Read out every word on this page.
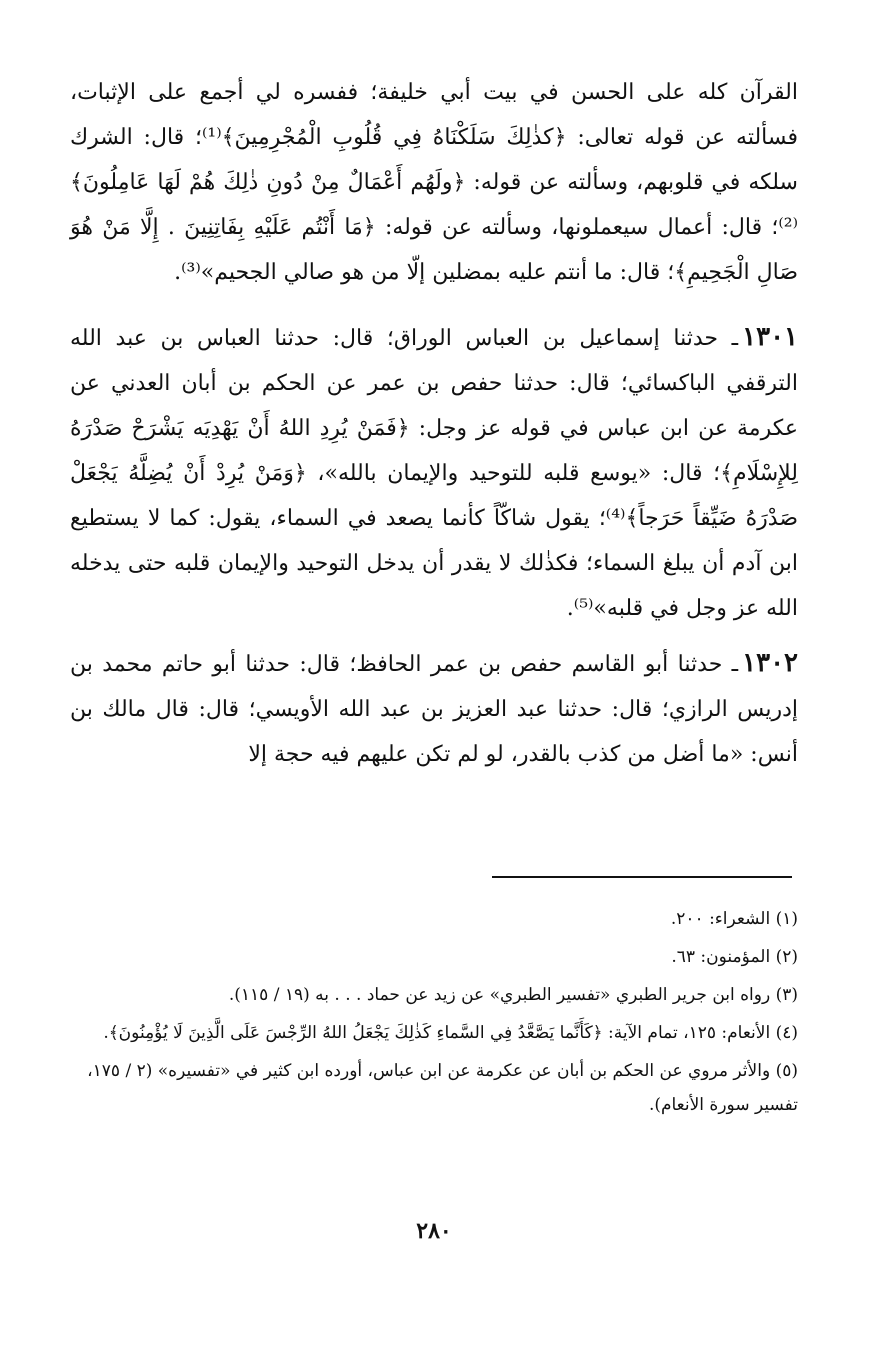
القرآن كله على الحسن في بيت أبي خليفة؛ ففسره لي أجمع على الإثبات، فسألته عن قوله تعالى: ﴿كذٰلِكَ سَلَكْنَاهُ فِي قُلُوبِ الْمُجْرِمِينَ﴾⁽¹⁾؛ قال: الشرك سلكه في قلوبهم، وسألته عن قوله: ﴿ولَهُم أَعْمَالٌ مِنْ دُونِ ذٰلِكَ هُمْ لَهَا عَامِلُونَ﴾⁽²⁾؛ قال: أعمال سيعملونها، وسألته عن قوله: ﴿مَا أَنْتُم عَلَيْهِ بِفَاتِنِينَ . إِلَّا مَنْ هُوَ صَالِ الْجَحِيمِ﴾؛ قال: ما أنتم عليه بمضلين إلّا من هو صالي الجحيم»⁽³⁾.

١٣٠١ـ حدثنا إسماعيل بن العباس الوراق؛ قال: حدثنا العباس بن عبد الله الترقفي الباكسائي؛ قال: حدثنا حفص بن عمر عن الحكم بن أبان العدني عن عكرمة عن ابن عباس في قوله عز وجل: ﴿فَمَنْ يُرِدِ اللهُ أَنْ يَهْدِيَه يَشْرَحْ صَدْرَهُ لِلإِسْلَامِ﴾؛ قال: «يوسع قلبه للتوحيد والإيمان بالله»، ﴿وَمَنْ يُرِدْ أَنْ يُضِلَّهُ يَجْعَلْ صَدْرَهُ ضَيِّقاً حَرَجاً﴾⁽⁴⁾؛ يقول شاكّاً كأنما يصعد في السماء، يقول: كما لا يستطيع ابن آدم أن يبلغ السماء؛ فكذٰلك لا يقدر أن يدخل التوحيد والإيمان قلبه حتى يدخله الله عز وجل في قلبه»⁽⁵⁾.

١٣٠٢ـ حدثنا أبو القاسم حفص بن عمر الحافظ؛ قال: حدثنا أبو حاتم محمد بن إدريس الرازي؛ قال: حدثنا عبد العزيز بن عبد الله الأويسي؛ قال: قال مالك بن أنس: «ما أضل من كذب بالقدر، لو لم تكن عليهم فيه حجة إلا

(١) الشعراء: ٢٠٠.

(٢) المؤمنون: ٦٣.

(٣) رواه ابن جرير الطبري «تفسير الطبري» عن زيد عن حماد . . . به (١٩ / ١١٥).

(٤) الأنعام: ١٢٥، تمام الآية: ﴿كَأَنَّما يَصَّعَّدُ فِي السَّماءِ كَذٰلِكَ يَجْعَلُ اللهُ الرِّجْسَ عَلَى الَّذِينَ لَا يُؤْمِنُونَ﴾.

(٥) والأثر مروي عن الحكم بن أبان عن عكرمة عن ابن عباس، أورده ابن كثير في «تفسيره» (٢ / ١٧٥، تفسير سورة الأنعام).

٢٨٠
